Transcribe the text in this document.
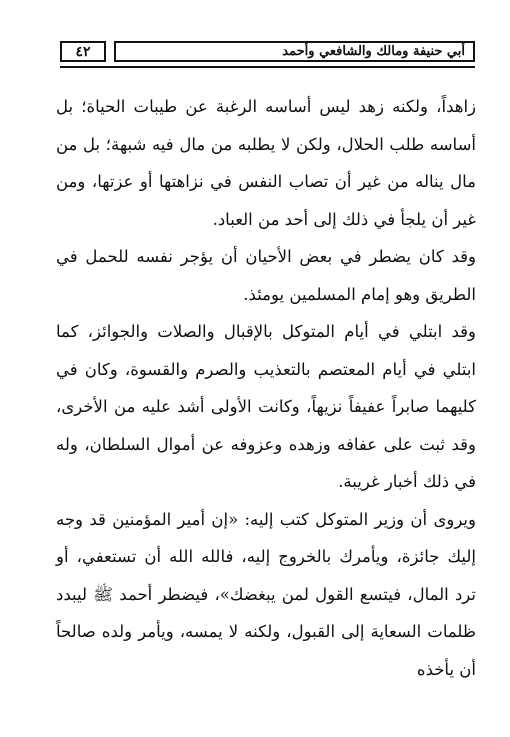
٤٢	أبي حنيفة ومالك والشافعي وأحمد

زاهداً، ولكنه زهد ليس أساسه الرغبة عن طيبات الحياة؛ بل أساسه طلب الحلال، ولكن لا يطلبه من مال فيه شبهة؛ بل من مال يناله من غير أن تصاب النفس في نزاهتها أو عزتها، ومن غير أن يلجأ في ذلك إلى أحد من العباد.

وقد كان يضطر في بعض الأحيان أن يؤجر نفسه للحمل في الطريق وهو إمام المسلمين يومئذ.

وقد ابتلي في أيام المتوكل بالإقبال والصلات والجوائز، كما ابتلي في أيام المعتصم بالتعذيب والصرم والقسوة، وكان في كليهما صابراً عفيفاً نزيهاً، وكانت الأولى أشد عليه من الأخرى، وقد ثبت على عفافه وزهده وعزوفه عن أموال السلطان، وله في ذلك أخبار غريبة.

ويروى أن وزير المتوكل كتب إليه: «إن أمير المؤمنين قد وجه إليك جائزة، ويأمرك بالخروج إليه، فالله الله أن تستعفي، أو ترد المال، فيتسع القول لمن يبغضك»، فيضطر أحمد ﷺ ليبدد ظلمات السعاية إلى القبول، ولكنه لا يمسه، ويأمر ولده صالحاً أن يأخذه
